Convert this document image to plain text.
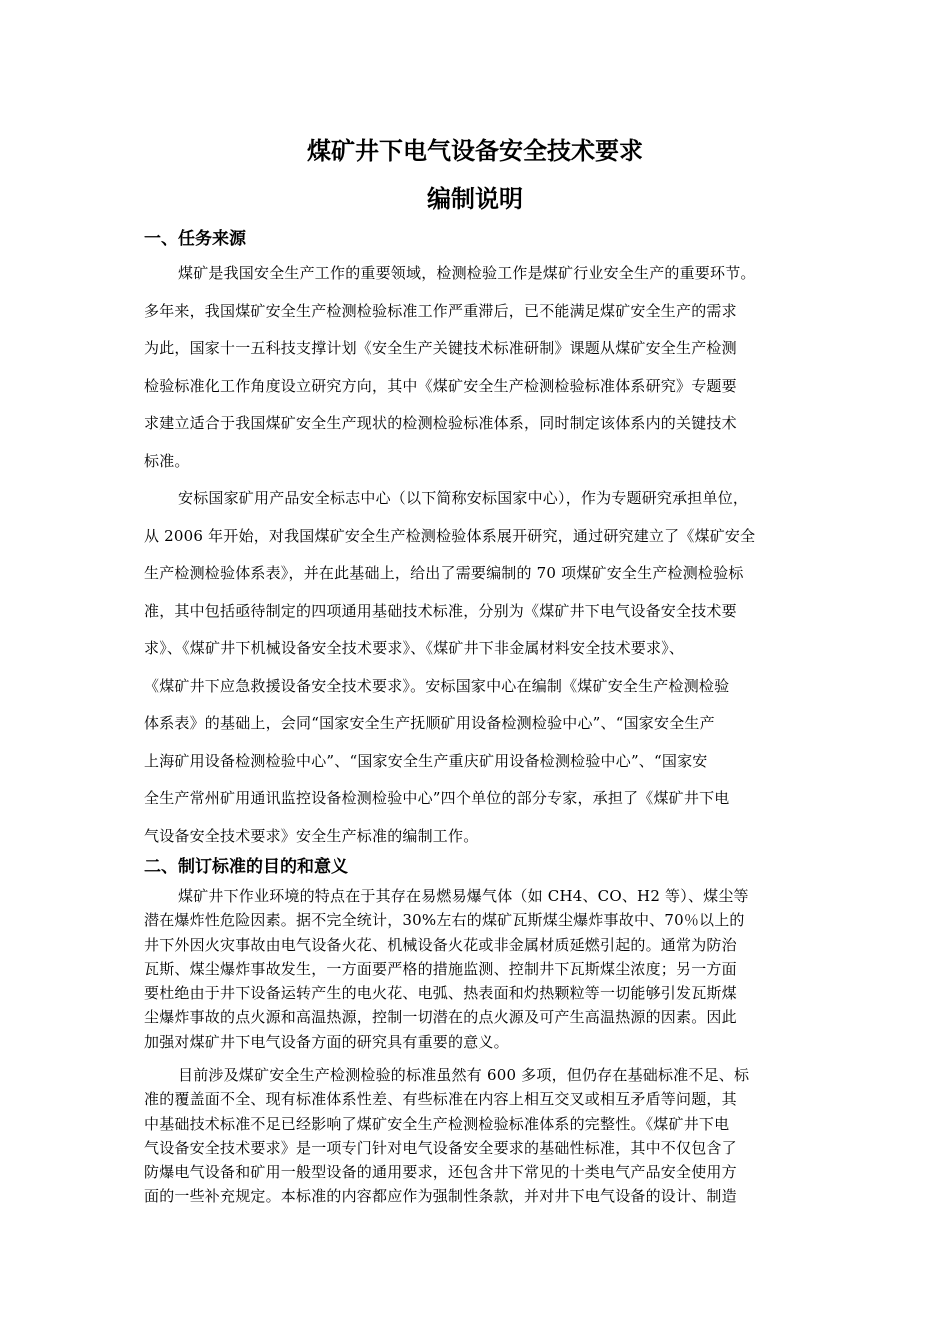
煤矿井下电气设备安全技术要求
编制说明
一、任务来源
煤矿是我国安全生产工作的重要领域，检测检验工作是煤矿行业安全生产的重要环节。
多年来，我国煤矿安全生产检测检验标准工作严重滞后，已不能满足煤矿安全生产的需求
为此，国家十一五科技支撑计划《安全生产关键技术标准研制》课题从煤矿安全生产检测
检验标准化工作角度设立研究方向，其中《煤矿安全生产检测检验标准体系研究》专题要
求建立适合于我国煤矿安全生产现状的检测检验标准体系，同时制定该体系内的关键技术
标准。
安标国家矿用产品安全标志中心（以下简称安标国家中心），作为专题研究承担单位，
从 2006 年开始，对我国煤矿安全生产检测检验体系展开研究，通过研究建立了《煤矿安全
生产检测检验体系表》，并在此基础上，给出了需要编制的 70 项煤矿安全生产检测检验标
准，其中包括亟待制定的四项通用基础技术标准，分别为《煤矿井下电气设备安全技术要
求》、《煤矿井下机械设备安全技术要求》、《煤矿井下非金属材料安全技术要求》、
《煤矿井下应急救援设备安全技术要求》。安标国家中心在编制《煤矿安全生产检测检验
体系表》的基础上，会同“国家安全生产抚顺矿用设备检测检验中心”、“国家安全生产
上海矿用设备检测检验中心”、“国家安全生产重庆矿用设备检测检验中心”、“国家安
全生产常州矿用通讯监控设备检测检验中心”四个单位的部分专家，承担了《煤矿井下电
气设备安全技术要求》安全生产标准的编制工作。
二、制订标准的目的和意义
煤矿井下作业环境的特点在于其存在易燃易爆气体（如 CH4、CO、H2 等）、煤尘等
潜在爆炸性危险因素。据不完全统计，30%左右的煤矿瓦斯煤尘爆炸事故中、70％以上的
井下外因火灾事故由电气设备火花、机械设备火花或非金属材质延燃引起的。通常为防治
瓦斯、煤尘爆炸事故发生，一方面要严格的措施监测、控制井下瓦斯煤尘浓度；另一方面
要杜绝由于井下设备运转产生的电火花、电弧、热表面和灼热颗粒等一切能够引发瓦斯煤
尘爆炸事故的点火源和高温热源，控制一切潜在的点火源及可产生高温热源的因素。因此
加强对煤矿井下电气设备方面的研究具有重要的意义。
目前涉及煤矿安全生产检测检验的标准虽然有 600 多项，但仍存在基础标准不足、标
准的覆盖面不全、现有标准体系性差、有些标准在内容上相互交叉或相互矛盾等问题，其
中基础技术标准不足已经影响了煤矿安全生产检测检验标准体系的完整性。《煤矿井下电
气设备安全技术要求》是一项专门针对电气设备安全要求的基础性标准，其中不仅包含了
防爆电气设备和矿用一般型设备的通用要求，还包含井下常见的十类电气产品安全使用方
面的一些补充规定。本标准的内容都应作为强制性条款，并对井下电气设备的设计、制造
